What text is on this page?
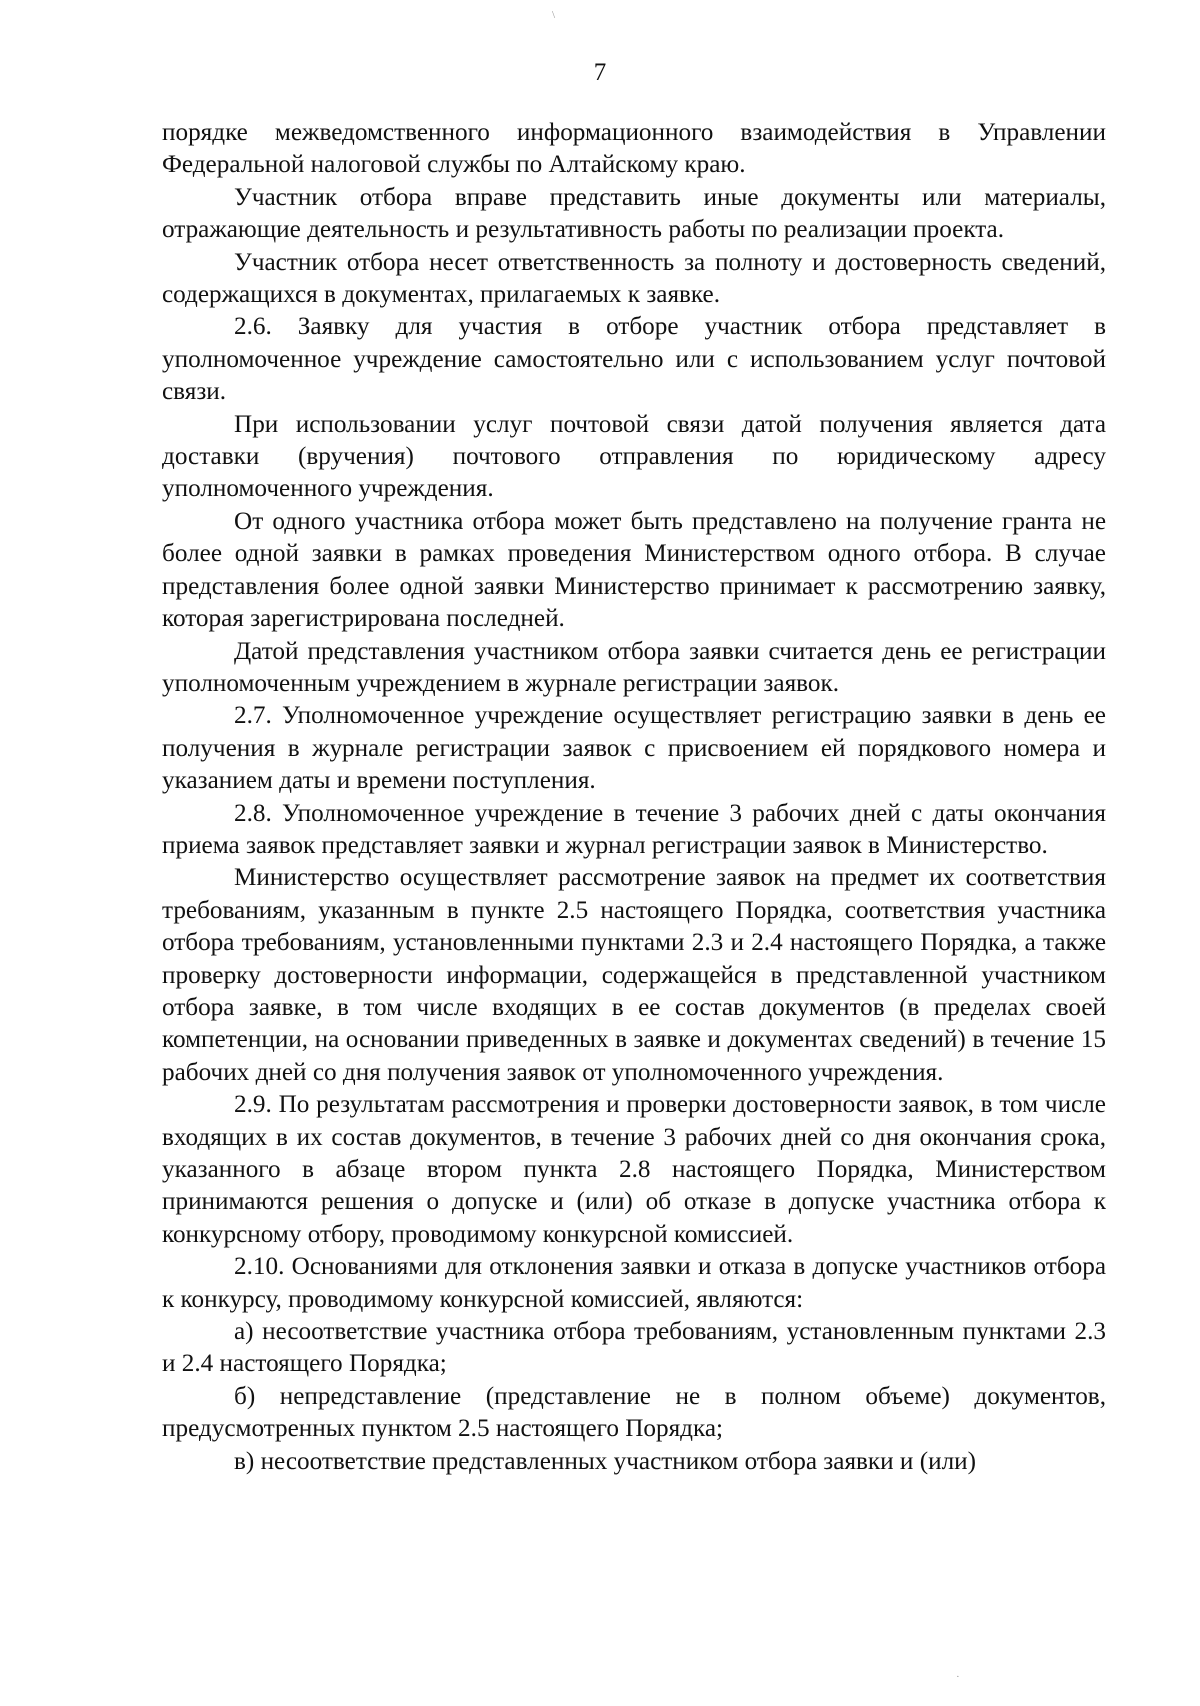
7

порядке межведомственного информационного взаимодействия в Управлении Федеральной налоговой службы по Алтайскому краю.

Участник отбора вправе представить иные документы или материалы, отражающие деятельность и результативность работы по реализации проекта.

Участник отбора несет ответственность за полноту и достоверность сведений, содержащихся в документах, прилагаемых к заявке.

2.6. Заявку для участия в отборе участник отбора представляет в уполномоченное учреждение самостоятельно или с использованием услуг почтовой связи.

При использовании услуг почтовой связи датой получения является дата доставки (вручения) почтового отправления по юридическому адресу уполномоченного учреждения.

От одного участника отбора может быть представлено на получение гранта не более одной заявки в рамках проведения Министерством одного отбора. В случае представления более одной заявки Министерство принимает к рассмотрению заявку, которая зарегистрирована последней.

Датой представления участником отбора заявки считается день ее регистрации уполномоченным учреждением в журнале регистрации заявок.

2.7. Уполномоченное учреждение осуществляет регистрацию заявки в день ее получения в журнале регистрации заявок с присвоением ей порядкового номера и указанием даты и времени поступления.

2.8. Уполномоченное учреждение в течение 3 рабочих дней с даты окончания приема заявок представляет заявки и журнал регистрации заявок в Министерство.

Министерство осуществляет рассмотрение заявок на предмет их соответствия требованиям, указанным в пункте 2.5 настоящего Порядка, соответствия участника отбора требованиям, установленными пунктами 2.3 и 2.4 настоящего Порядка, а также проверку достоверности информации, содержащейся в представленной участником отбора заявке, в том числе входящих в ее состав документов (в пределах своей компетенции, на основании приведенных в заявке и документах сведений) в течение 15 рабочих дней со дня получения заявок от уполномоченного учреждения.

2.9. По результатам рассмотрения и проверки достоверности заявок, в том числе входящих в их состав документов, в течение 3 рабочих дней со дня окончания срока, указанного в абзаце втором пункта 2.8 настоящего Порядка, Министерством принимаются решения о допуске и (или) об отказе в допуске участника отбора к конкурсному отбору, проводимому конкурсной комиссией.

2.10. Основаниями для отклонения заявки и отказа в допуске участников отбора к конкурсу, проводимому конкурсной комиссией, являются:

а) несоответствие участника отбора требованиям, установленным пунктами 2.3 и 2.4 настоящего Порядка;

б) непредставление (представление не в полном объеме) документов, предусмотренных пунктом 2.5 настоящего Порядка;

в) несоответствие представленных участником отбора заявки и (или)

\
·
